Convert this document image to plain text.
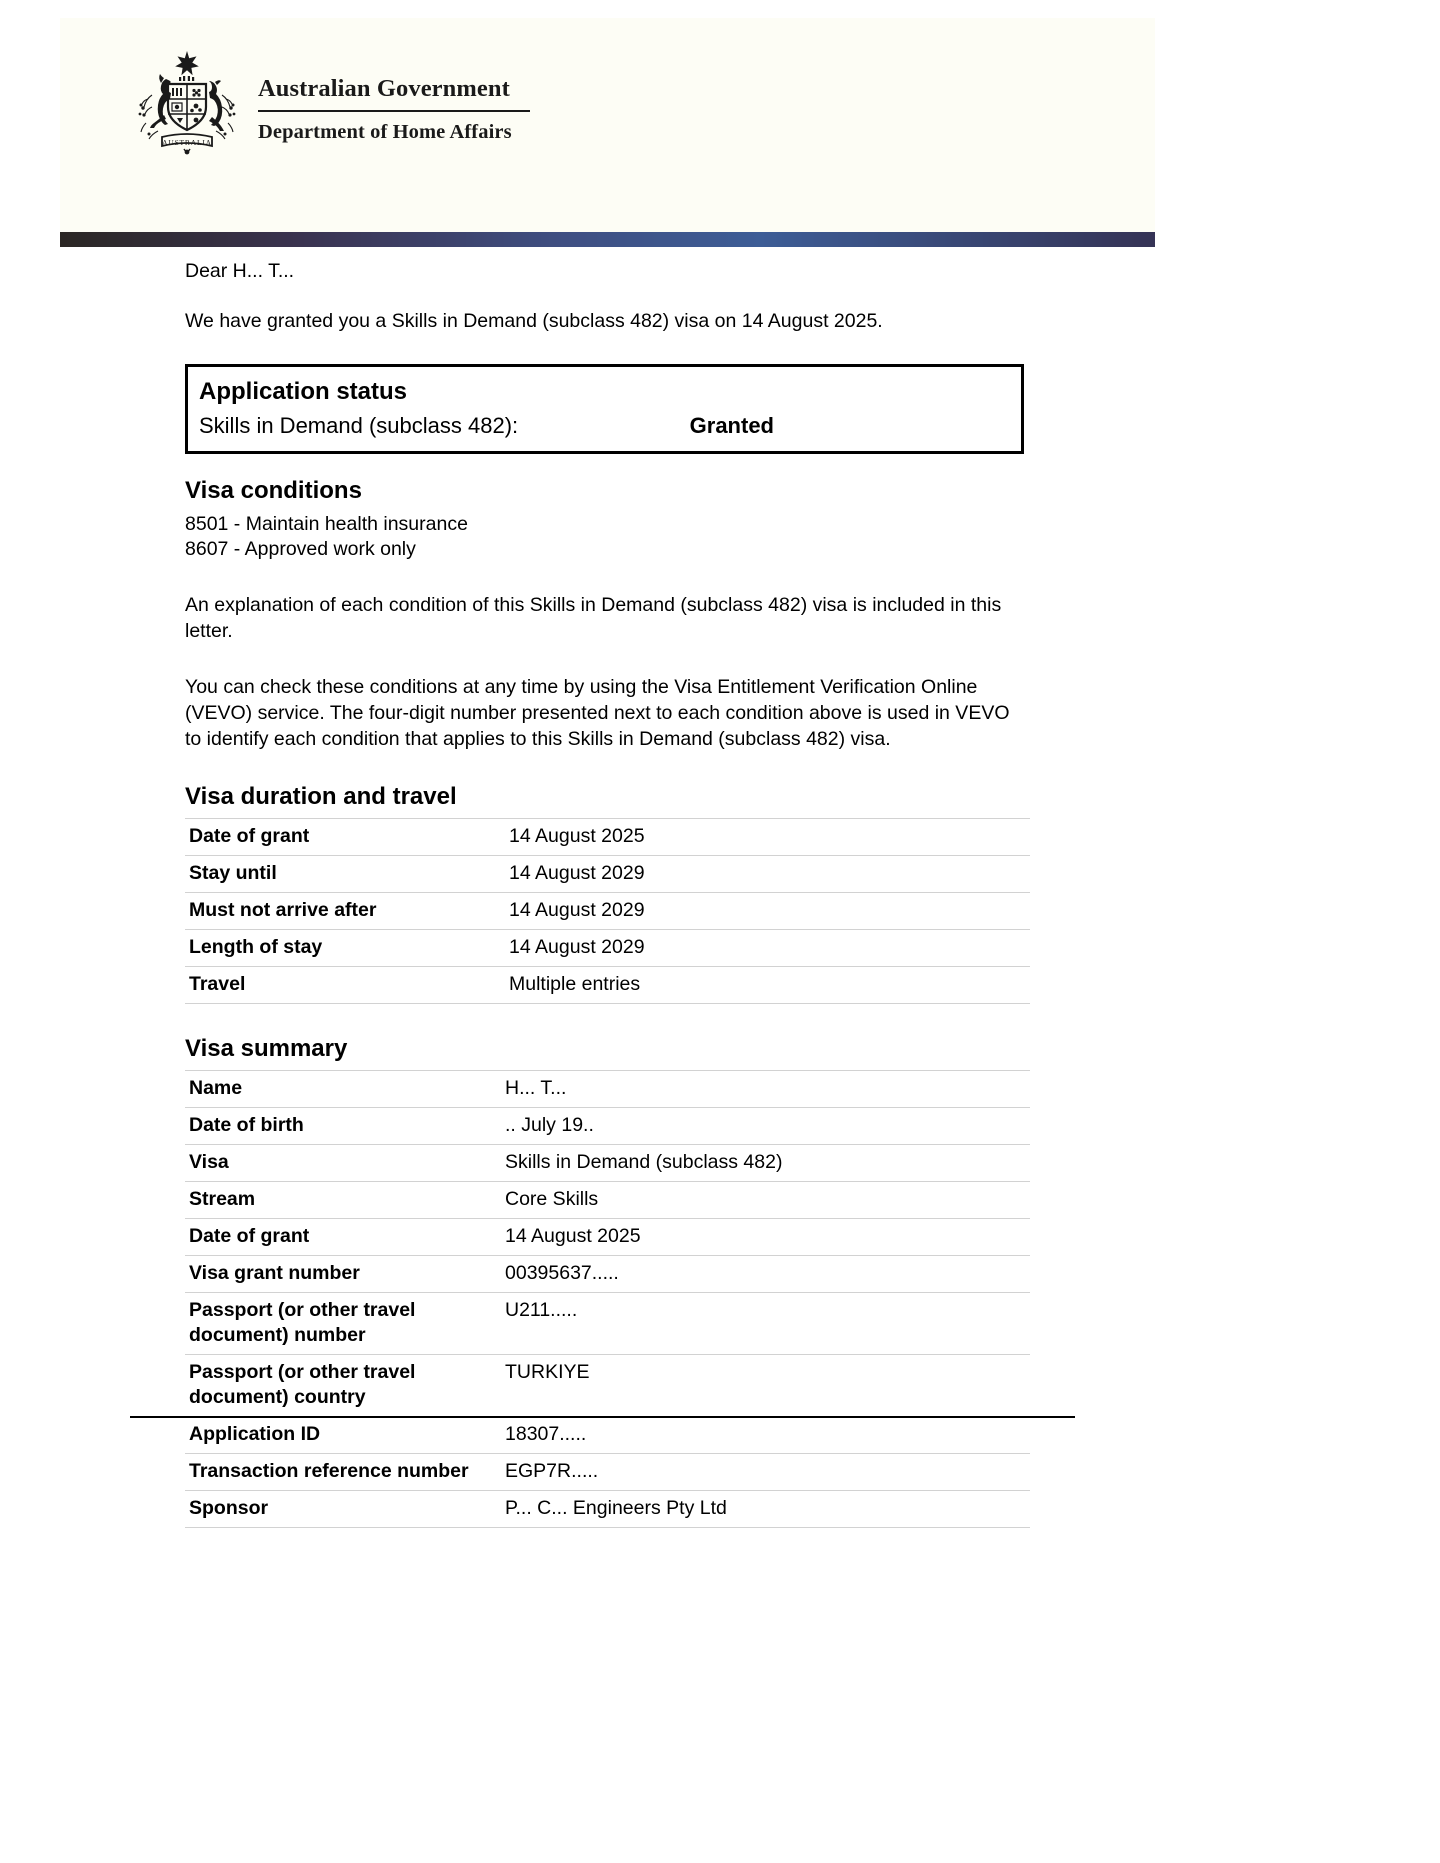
AUSTRALIA
Australian Government
Department of Home Affairs

Dear H... T...

We have granted you a Skills in Demand (subclass 482) visa on 14 August 2025.

Application status
Skills in Demand (subclass 482):	Granted
Visa conditions
8501 - Maintain health insurance
8607 - Approved work only

An explanation of each condition of this Skills in Demand (subclass 482) visa is included in this letter.

You can check these conditions at any time by using the Visa Entitlement Verification Online (VEVO) service. The four-digit number presented next to each condition above is used in VEVO to identify each condition that applies to this Skills in Demand (subclass 482) visa.

Visa duration and travel
Date of grant	14 August 2025
Stay until	14 August 2029
Must not arrive after	14 August 2029
Length of stay	14 August 2029
Travel	Multiple entries
Visa summary
Name	H... T...
Date of birth	.. July 19..
Visa	Skills in Demand (subclass 482)
Stream	Core Skills
Date of grant	14 August 2025
Visa grant number	00395637.....
Passport (or other travel document) number	U211.....
Passport (or other travel document) country	TURKIYE
Application ID	18307.....
Transaction reference number	EGP7R.....
Sponsor	P... C... Engineers Pty Ltd
